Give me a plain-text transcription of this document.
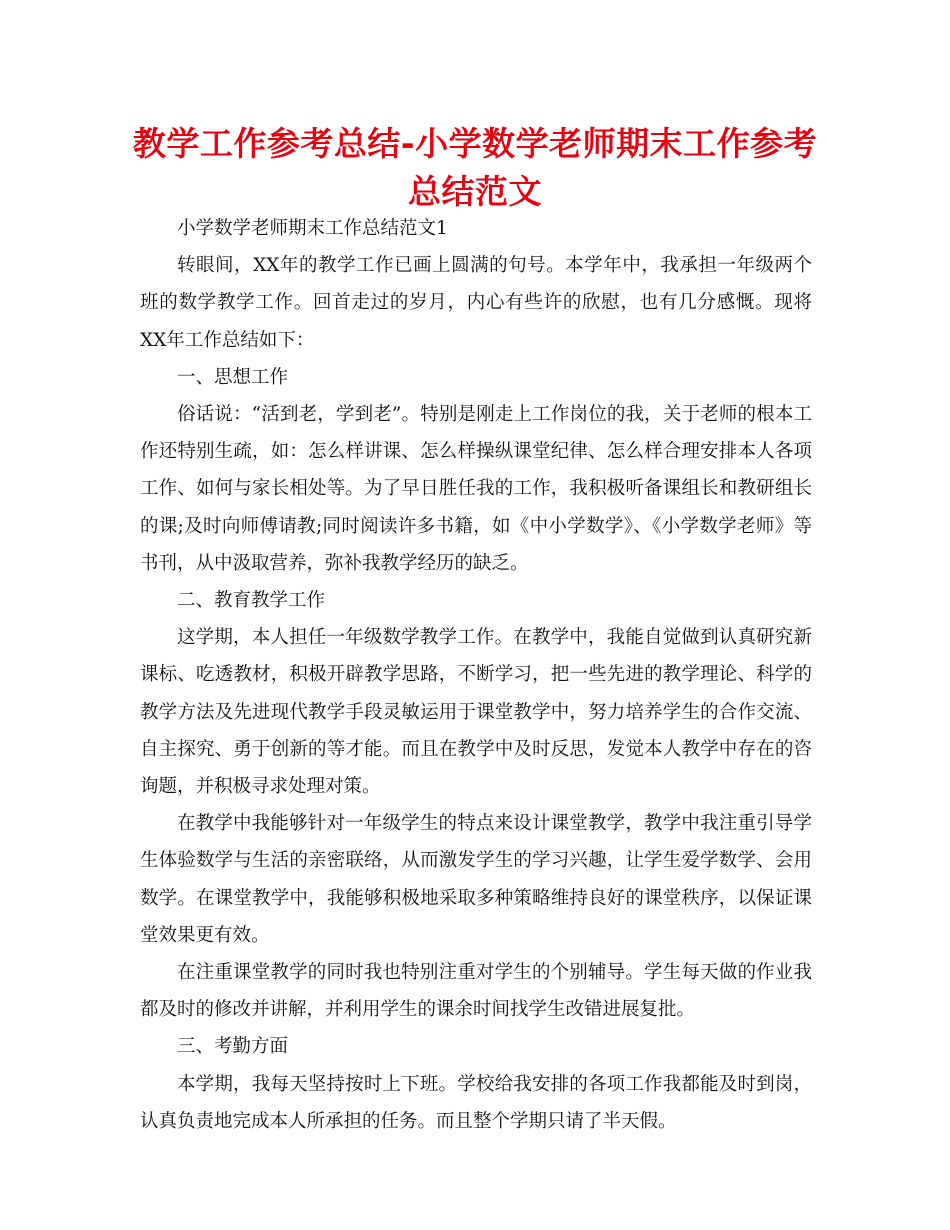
教学工作参考总结-小学数学老师期末工作参考总结范文

小学数学老师期末工作总结范文1

转眼间，XX年的教学工作已画上圆满的句号。本学年中，我承担一年级两个班的数学教学工作。回首走过的岁月，内心有些许的欣慰，也有几分感慨。现将XX年工作总结如下：

一、思想工作

俗话说：“活到老，学到老”。特别是刚走上工作岗位的我，关于老师的根本工作还特别生疏，如：怎么样讲课、怎么样操纵课堂纪律、怎么样合理安排本人各项工作、如何与家长相处等。为了早日胜任我的工作，我积极听备课组长和教研组长的课;及时向师傅请教;同时阅读许多书籍，如《中小学数学》、《小学数学老师》等书刊，从中汲取营养，弥补我教学经历的缺乏。

二、教育教学工作

这学期，本人担任一年级数学教学工作。在教学中，我能自觉做到认真研究新课标、吃透教材，积极开辟教学思路，不断学习，把一些先进的教学理论、科学的教学方法及先进现代教学手段灵敏运用于课堂教学中，努力培养学生的合作交流、自主探究、勇于创新的等才能。而且在教学中及时反思，发觉本人教学中存在的咨询题，并积极寻求处理对策。

在教学中我能够针对一年级学生的特点来设计课堂教学，教学中我注重引导学生体验数学与生活的亲密联络，从而激发学生的学习兴趣，让学生爱学数学、会用数学。在课堂教学中，我能够积极地采取多种策略维持良好的课堂秩序，以保证课堂效果更有效。

在注重课堂教学的同时我也特别注重对学生的个别辅导。学生每天做的作业我都及时的修改并讲解，并利用学生的课余时间找学生改错进展复批。

三、考勤方面

本学期，我每天坚持按时上下班。学校给我安排的各项工作我都能及时到岗，认真负责地完成本人所承担的任务。而且整个学期只请了半天假。
